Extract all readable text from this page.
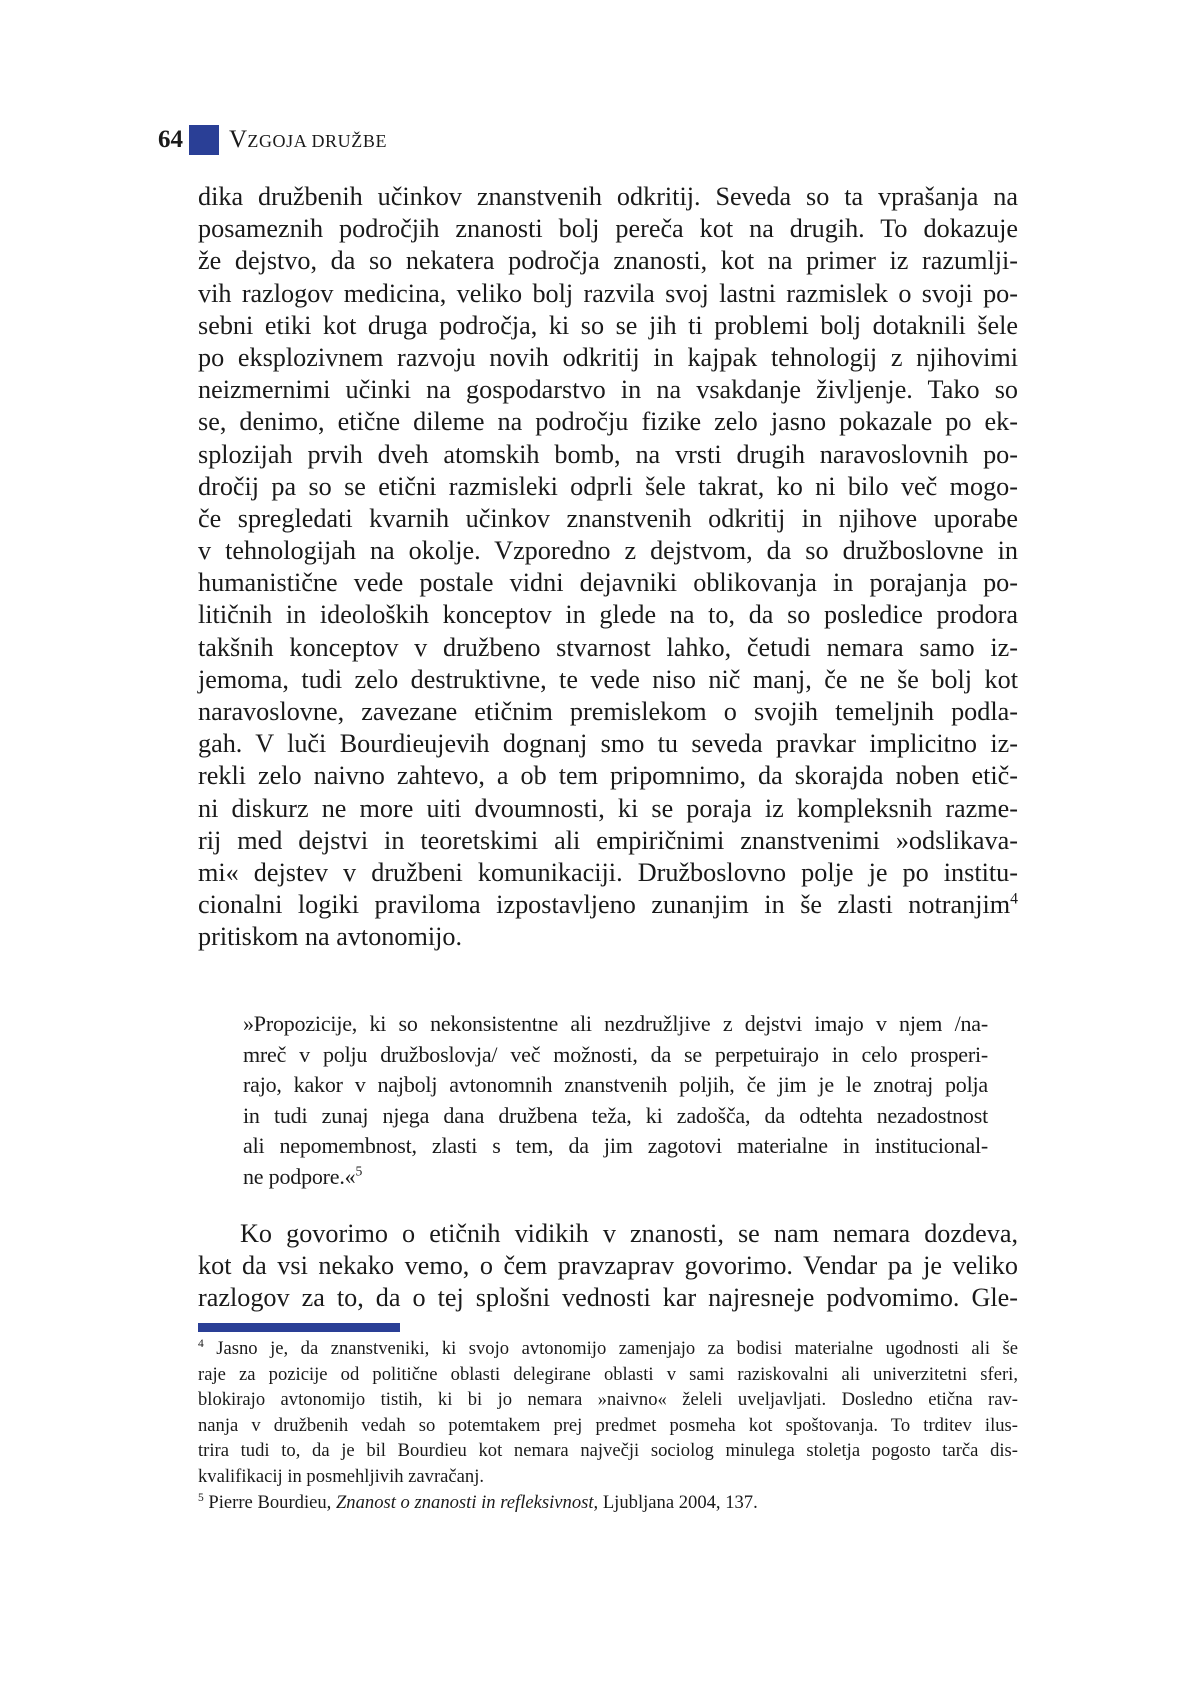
64 VZGOJA DRUŽBE
dika družbenih učinkov znanstvenih odkritij. Seveda so ta vprašanja na
posameznih področjih znanosti bolj pereča kot na drugih. To dokazuje
že dejstvo, da so nekatera področja znanosti, kot na primer iz razumlji-
vih razlogov medicina, veliko bolj razvila svoj lastni razmislek o svoji po-
sebni etiki kot druga področja, ki so se jih ti problemi bolj dotaknili šele
po eksplozivnem razvoju novih odkritij in kajpak tehnologij z njihovimi
neizmernimi učinki na gospodarstvo in na vsakdanje življenje. Tako so
se, denimo, etične dileme na področju fizike zelo jasno pokazale po ek-
splozijah prvih dveh atomskih bomb, na vrsti drugih naravoslovnih po-
dročij pa so se etični razmisleki odprli šele takrat, ko ni bilo več mogo-
če spregledati kvarnih učinkov znanstvenih odkritij in njihove uporabe
v tehnologijah na okolje. Vzporedno z dejstvom, da so družboslovne in
humanistične vede postale vidni dejavniki oblikovanja in porajanja po-
litičnih in ideoloških konceptov in glede na to, da so posledice prodora
takšnih konceptov v družbeno stvarnost lahko, četudi nemara samo iz-
jemoma, tudi zelo destruktivne, te vede niso nič manj, če ne še bolj kot
naravoslovne, zavezane etičnim premislekom o svojih temeljnih podla-
gah. V luči Bourdieujevih dognanj smo tu seveda pravkar implicitno iz-
rekli zelo naivno zahtevo, a ob tem pripomnimo, da skorajda noben etič-
ni diskurz ne more uiti dvoumnosti, ki se poraja iz kompleksnih razme-
rij med dejstvi in teoretskimi ali empiričnimi znanstvenimi »odslikava-
mi« dejstev v družbeni komunikaciji. Družboslovno polje je po institu-
cionalni logiki praviloma izpostavljeno zunanjim in še zlasti notranjim$^4$
pritiskom na avtonomijo.
»Propozicije, ki so nekonsistentne ali nezdružljive z dejstvi imajo v njem /na-
mreč v polju družboslovja/ več možnosti, da se perpetuirajo in celo prosperi-
rajo, kakor v najbolj avtonomnih znanstvenih poljih, če jim je le znotraj polja
in tudi zunaj njega dana družbena teža, ki zadošča, da odtehta nezadostnost
ali nepomembnost, zlasti s tem, da jim zagotovi materialne in institucional-
ne podpore.«$^5$
Ko govorimo o etičnih vidikih v znanosti, se nam nemara dozdeva,
kot da vsi nekako vemo, o čem pravzaprav govorimo. Vendar pa je veliko
razlogov za to, da o tej splošni vednosti kar najresneje podvomimo. Gle-
$^4$ Jasno je, da znanstveniki, ki svojo avtonomijo zamenjajo za bodisi materialne ugodnosti ali še
raje za pozicije od politične oblasti delegirane oblasti v sami raziskovalni ali univerzitetni sferi,
blokirajo avtonomijo tistih, ki bi jo nemara »naivno« želeli uveljavljati. Dosledno etična rav-
nanja v družbenih vedah so potemtakem prej predmet posmeha kot spoštovanja. To trditev ilus-
trira tudi to, da je bil Bourdieu kot nemara največji sociolog minulega stoletja pogosto tarča dis-
kvalifikacij in posmehljivih zavračanj.
$^5$ Pierre Bourdieu, Znanost o znanosti in refleksivnost, Ljubljana 2004, 137.
